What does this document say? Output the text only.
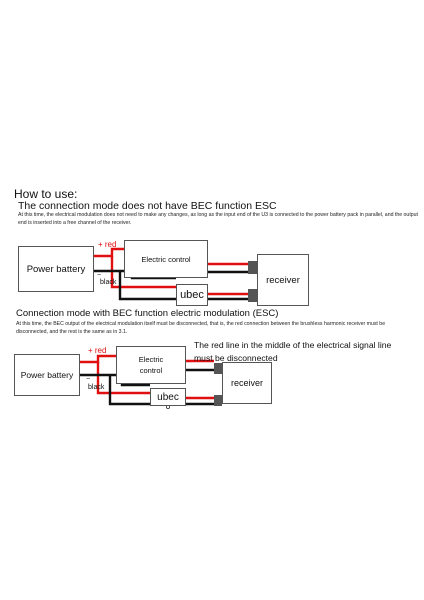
How to use:
The connection mode does not have BEC function ESC
At this time, the electrical modulation does not need to make any changes, as long as the input end of the U3 is connected to the power battery pack in parallel, and the output end is inserted into a free channel of the receiver.
Power battery
Electric control
ubec
receiver
+ red
−
black
Connection mode with BEC function electric modulation (ESC)
At this time, the BEC output of the electrical modulation itself must be disconnected, that is, the red connection between the brushless harmonic receiver must be disconnected, and the rest is the same as in 3.1.
Power battery
Electric control
ubec
receiver
+ red
−
black
The red line in the middle of the electrical signal line must be disconnected
